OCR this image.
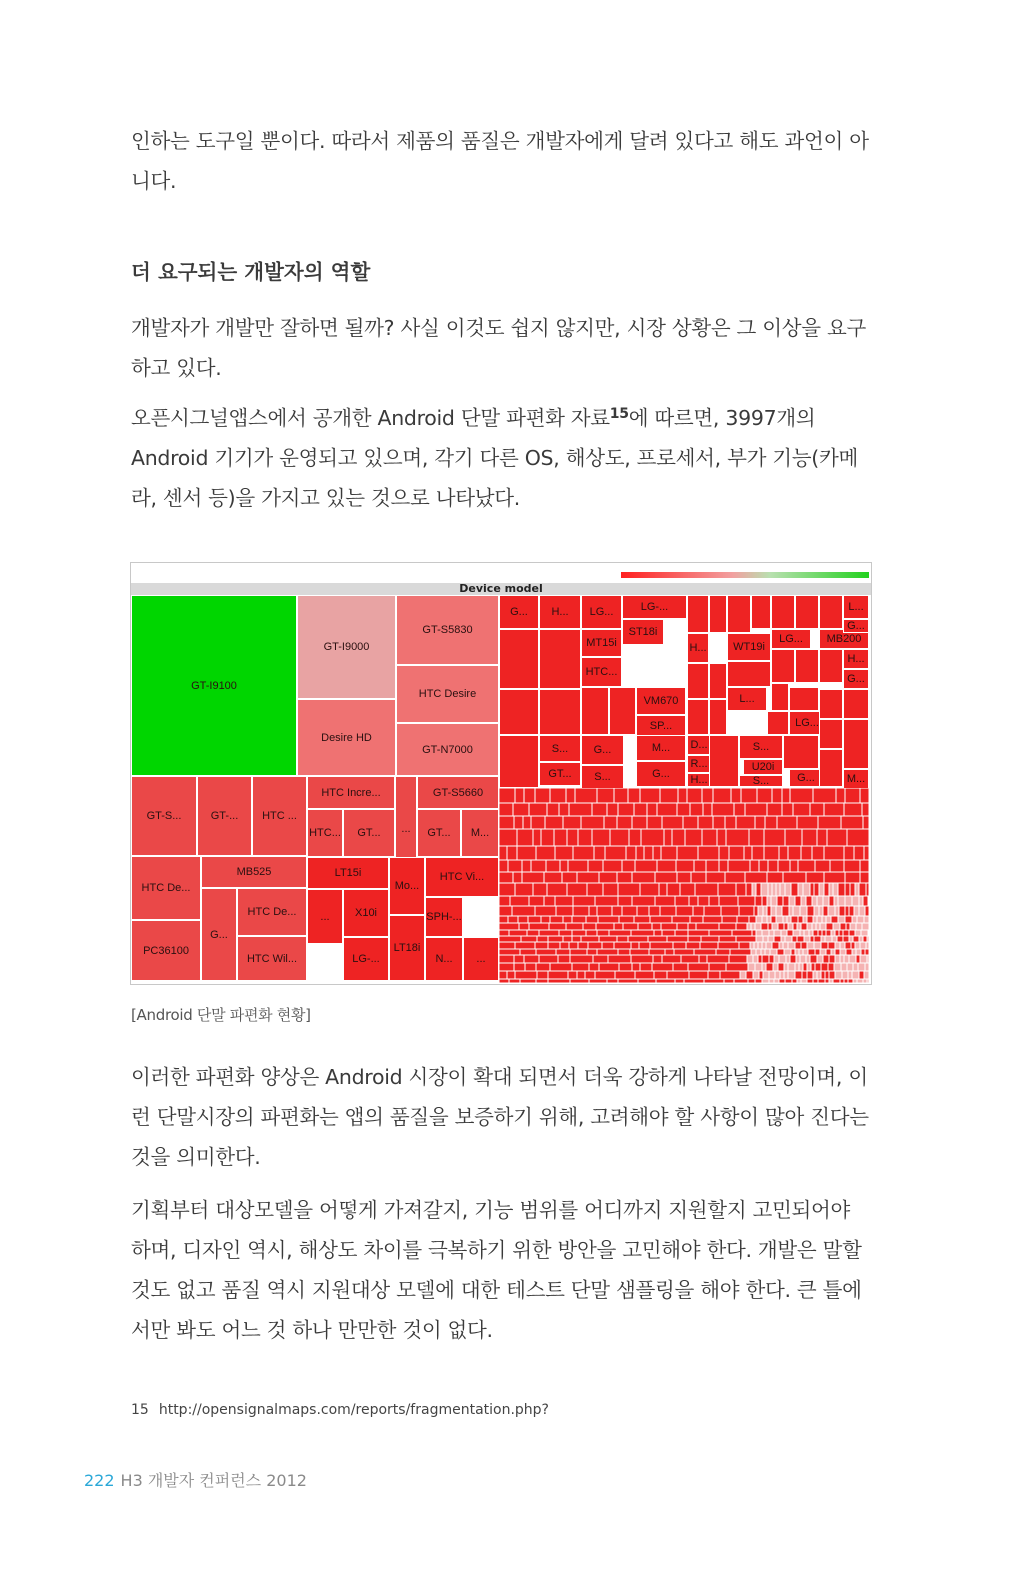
인하는 도구일 뿐이다. 따라서 제품의 품질은 개발자에게 달려 있다고 해도 과언이 아니다.

더 요구되는 개발자의 역할

개발자가 개발만 잘하면 될까? 사실 이것도 쉽지 않지만, 시장 상황은 그 이상을 요구하고 있다.

오픈시그널앱스에서 공개한 Android 단말 파편화 자료$^{15}$에 따르면, 3997개의 Android 기기가 운영되고 있으며, 각기 다른 OS, 해상도, 프로세서, 부가 기능(카메라, 센서 등)을 가지고 있는 것으로 나타났다.

Device model
GT-I9100
GT-I9000
Desire HD
GT-S5830
HTC Desire
GT-N7000
GT-S...	GT-...	HTC ...
HTC De...
MB525
HTC De...
G...
PC36100
HTC Wil...
HTC Incre...
HTC...	GT...	...
GT-S5660
GT...	M...
LT15i
X10i
...
LG-...
Mo...
LT18i
HTC Vi...
SPH-...
N...	...
G...	H...	LG...	LG-...
MT15i
ST18i
HTC...
VM670
SP...
S...	G...	M...
GT...	S...	G...
H...	WT19i
LG...	MB200
L...
G...
H...
G...
L...
LG...
D...
R...
H...
S...
U20i
S...	G...	M...

[Android 단말 파편화 현황]

이러한 파편화 양상은 Android 시장이 확대 되면서 더욱 강하게 나타날 전망이며, 이런 단말시장의 파편화는 앱의 품질을 보증하기 위해, 고려해야 할 사항이 많아 진다는 것을 의미한다.

기획부터 대상모델을 어떻게 가져갈지, 기능 범위를 어디까지 지원할지 고민되어야 하며, 디자인 역시, 해상도 차이를 극복하기 위한 방안을 고민해야 한다. 개발은 말할 것도 없고 품질 역시 지원대상 모델에 대한 테스트 단말 샘플링을 해야 한다. 큰 틀에서만 봐도 어느 것 하나 만만한 것이 없다.

15 http://opensignalmaps.com/reports/fragmentation.php?

222 H3 개발자 컨퍼런스 2012
